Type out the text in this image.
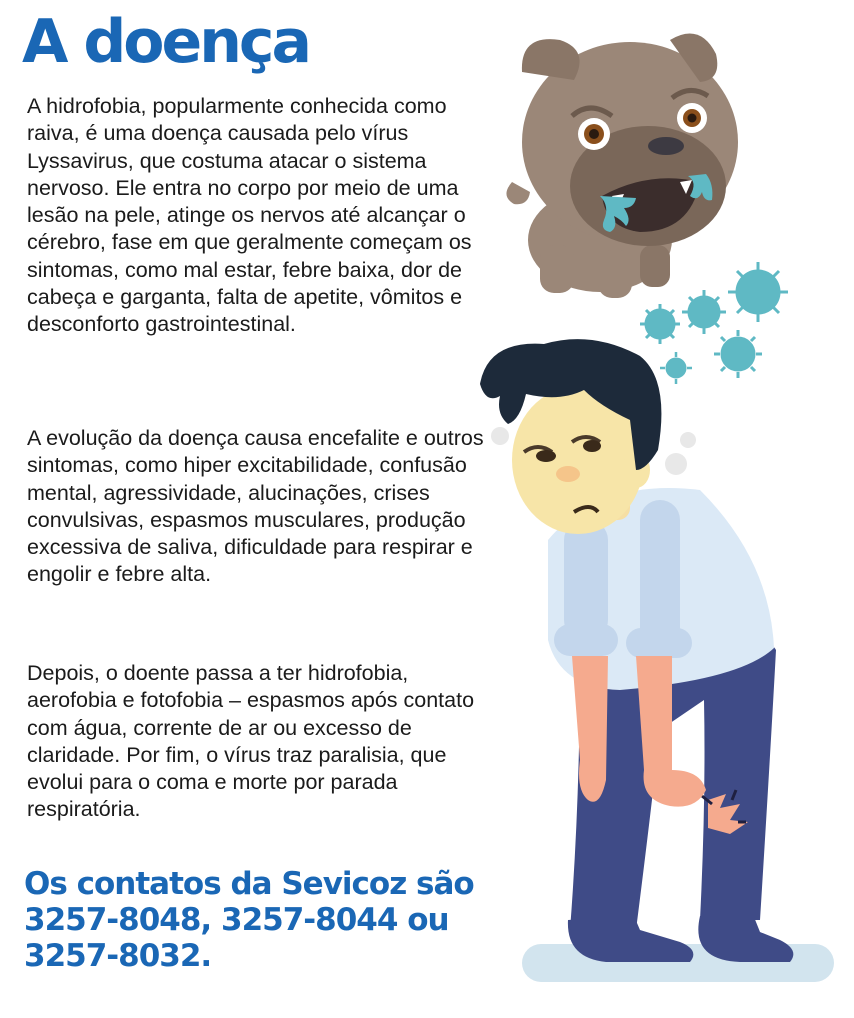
A doença

A hidrofobia, popularmente conhecida como raiva, é uma doença causada pelo vírus Lyssavirus, que costuma atacar o sistema nervoso. Ele entra no corpo por meio de uma lesão na pele, atinge os nervos até alcançar o cérebro, fase em que geralmente começam os sintomas, como mal estar, febre baixa, dor de cabeça e garganta, falta de apetite, vômitos e desconforto gastrointestinal.

A evolução da doença causa encefalite e outros sintomas, como hiper excitabilidade, confusão mental, agressividade, alucinações, crises convulsivas, espasmos musculares, produção excessiva de saliva, dificuldade para respirar e engolir e febre alta.

Depois, o doente passa a ter hidrofobia, aerofobia e fotofobia – espasmos após contato com água, corrente de ar ou excesso de claridade. Por fim, o vírus traz paralisia, que evolui para o coma e morte por parada respiratória.

Os contatos da Sevicoz são 3257-8048, 3257-8044 ou 3257-8032.
